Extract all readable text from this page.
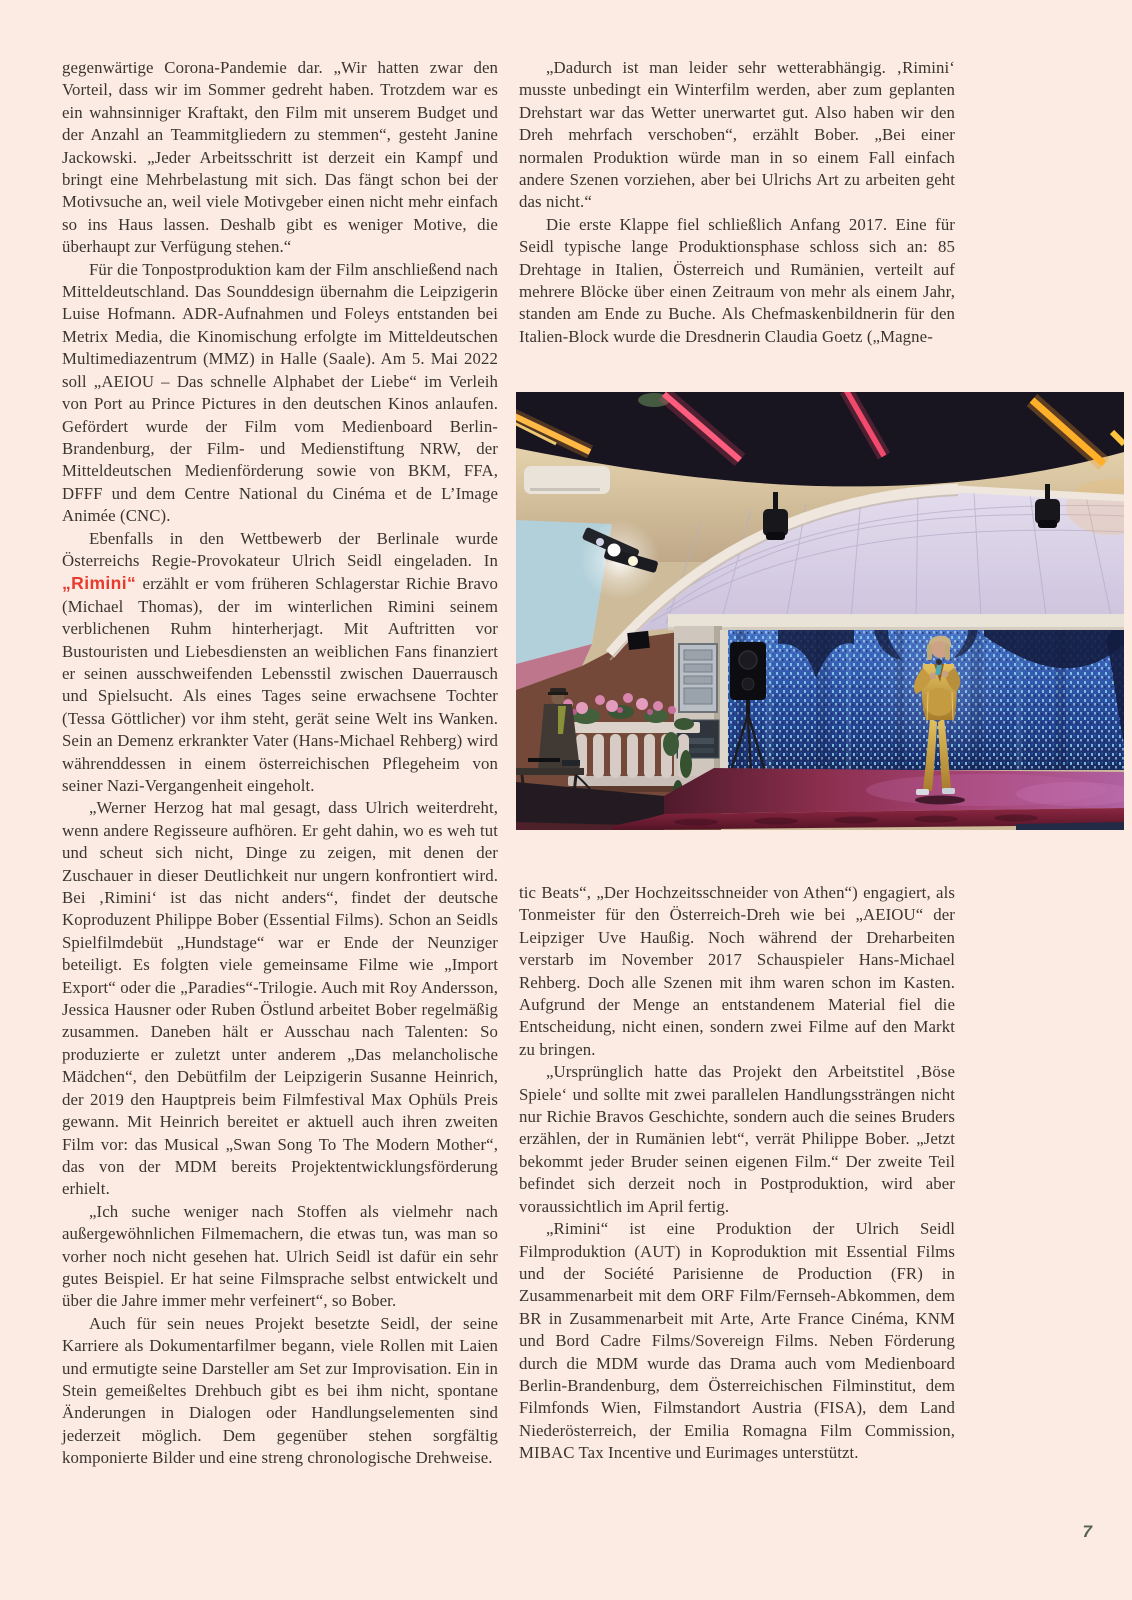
gegenwärtige Corona-Pandemie dar. „Wir hatten zwar den Vorteil, dass wir im Sommer gedreht haben. Trotzdem war es ein wahnsinniger Kraftakt, den Film mit unserem Budget und der Anzahl an Teammitgliedern zu stemmen“, gesteht Janine Jackowski. „Jeder Arbeitsschritt ist derzeit ein Kampf und bringt eine Mehrbelastung mit sich. Das fängt schon bei der Motivsuche an, weil viele Motivgeber einen nicht mehr einfach so ins Haus lassen. Deshalb gibt es weniger Motive, die überhaupt zur Verfügung stehen.“

Für die Tonpostproduktion kam der Film anschließend nach Mitteldeutschland. Das Sounddesign übernahm die Leipzigerin Luise Hofmann. ADR-Aufnahmen und Foleys entstanden bei Metrix Media, die Kinomischung erfolgte im Mitteldeutschen Multimediazentrum (MMZ) in Halle (Saale). Am 5. Mai 2022 soll „AEIOU – Das schnelle Alphabet der Liebe“ im Verleih von Port au Prince Pictures in den deutschen Kinos anlaufen. Gefördert wurde der Film vom Medienboard Berlin-Brandenburg, der Film- und Medienstiftung NRW, der Mitteldeutschen Medienförderung sowie von BKM, FFA, DFFF und dem Centre National du Cinéma et de L’Image Animée (CNC).

Ebenfalls in den Wettbewerb der Berlinale wurde Österreichs Regie-Provokateur Ulrich Seidl eingeladen. In „Rimini“ erzählt er vom früheren Schlagerstar Richie Bravo (Michael Thomas), der im winterlichen Rimini seinem verblichenen Ruhm hinterherjagt. Mit Auftritten vor Bustouristen und Liebesdiensten an weiblichen Fans finanziert er seinen ausschweifenden Lebensstil zwischen Dauerrausch und Spielsucht. Als eines Tages seine erwachsene Tochter (Tessa Göttlicher) vor ihm steht, gerät seine Welt ins Wanken. Sein an Demenz erkrankter Vater (Hans-Michael Rehberg) wird währenddessen in einem österreichischen Pflegeheim von seiner Nazi-Vergangenheit eingeholt.

„Werner Herzog hat mal gesagt, dass Ulrich weiterdreht, wenn andere Regisseure aufhören. Er geht dahin, wo es weh tut und scheut sich nicht, Dinge zu zeigen, mit denen der Zuschauer in dieser Deutlichkeit nur ungern konfrontiert wird. Bei ‚Rimini‘ ist das nicht anders“, findet der deutsche Koproduzent Philippe Bober (Essential Films). Schon an Seidls Spielfilmdebüt „Hundstage“ war er Ende der Neunziger beteiligt. Es folgten viele gemeinsame Filme wie „Import Export“ oder die „Paradies“-Trilogie. Auch mit Roy Andersson, Jessica Hausner oder Ruben Östlund arbeitet Bober regelmäßig zusammen. Daneben hält er Ausschau nach Talenten: So produzierte er zuletzt unter anderem „Das melancholische Mädchen“, den Debütfilm der Leipzigerin Susanne Heinrich, der 2019 den Hauptpreis beim Filmfestival Max Ophüls Preis gewann. Mit Heinrich bereitet er aktuell auch ihren zweiten Film vor: das Musical „Swan Song To The Modern Mother“, das von der MDM bereits Projektentwicklungsförderung erhielt.

„Ich suche weniger nach Stoffen als vielmehr nach außergewöhnlichen Filmemachern, die etwas tun, was man so vorher noch nicht gesehen hat. Ulrich Seidl ist dafür ein sehr gutes Beispiel. Er hat seine Filmsprache selbst entwickelt und über die Jahre immer mehr verfeinert“, so Bober.

Auch für sein neues Projekt besetzte Seidl, der seine Karriere als Dokumentarfilmer begann, viele Rollen mit Laien und ermutigte seine Darsteller am Set zur Improvisation. Ein in Stein gemeißeltes Drehbuch gibt es bei ihm nicht, spontane Änderungen in Dialogen oder Handlungselementen sind jederzeit möglich. Dem gegenüber stehen sorgfältig komponierte Bilder und eine streng chronologische Drehweise.

„Dadurch ist man leider sehr wetterabhängig. ‚Rimini‘ musste unbedingt ein Winterfilm werden, aber zum geplanten Drehstart war das Wetter unerwartet gut. Also haben wir den Dreh mehrfach verschoben“, erzählt Bober. „Bei einer normalen Produktion würde man in so einem Fall einfach andere Szenen vorziehen, aber bei Ulrichs Art zu arbeiten geht das nicht.“

Die erste Klappe fiel schließlich Anfang 2017. Eine für Seidl typische lange Produktionsphase schloss sich an: 85 Drehtage in Italien, Österreich und Rumänien, verteilt auf mehrere Blöcke über einen Zeitraum von mehr als einem Jahr, standen am Ende zu Buche. Als Chefmaskenbildnerin für den Italien-Block wurde die Dresdnerin Claudia Goetz („Magne-

tic Beats“, „Der Hochzeitsschneider von Athen“) engagiert, als Tonmeister für den Österreich-Dreh wie bei „AEIOU“ der Leipziger Uve Haußig. Noch während der Dreharbeiten verstarb im November 2017 Schauspieler Hans-Michael Rehberg. Doch alle Szenen mit ihm waren schon im Kasten. Aufgrund der Menge an entstandenem Material fiel die Entscheidung, nicht einen, sondern zwei Filme auf den Markt zu bringen.

„Ursprünglich hatte das Projekt den Arbeitstitel ‚Böse Spiele‘ und sollte mit zwei parallelen Handlungssträngen nicht nur Richie Bravos Geschichte, sondern auch die seines Bruders erzählen, der in Rumänien lebt“, verrät Philippe Bober. „Jetzt bekommt jeder Bruder seinen eigenen Film.“ Der zweite Teil befindet sich derzeit noch in Postproduktion, wird aber voraussichtlich im April fertig.

„Rimini“ ist eine Produktion der Ulrich Seidl Filmproduktion (AUT) in Koproduktion mit Essential Films und der Société Parisienne de Production (FR) in Zusammenarbeit mit dem ORF Film/Fernseh-Abkommen, dem BR in Zusammenarbeit mit Arte, Arte France Cinéma, KNM und Bord Cadre Films/Sovereign Films. Neben Förderung durch die MDM wurde das Drama auch vom Medienboard Berlin-Brandenburg, dem Österreichischen Filminstitut, dem Filmfonds Wien, Filmstandort Austria (FISA), dem Land Niederösterreich, der Emilia Romagna Film Commission, MIBAC Tax Incentive und Eurimages unterstützt.

7
